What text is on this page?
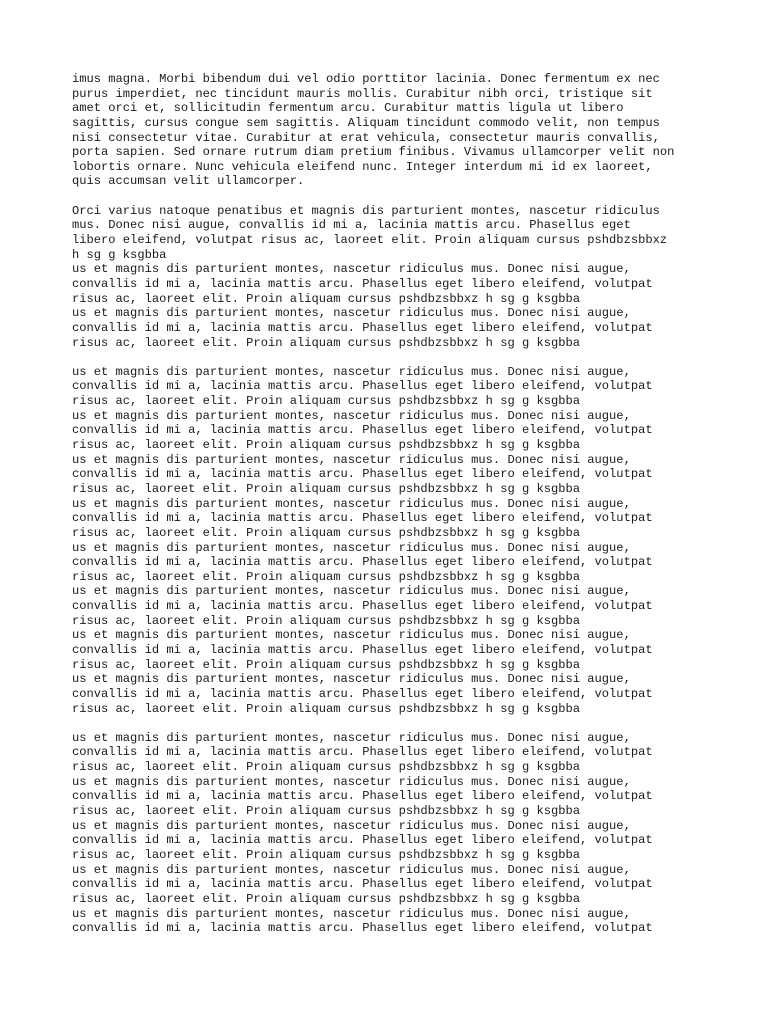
imus magna. Morbi bibendum dui vel odio porttitor lacinia. Donec fermentum ex nec
purus imperdiet, nec tincidunt mauris mollis. Curabitur nibh orci, tristique sit
amet orci et, sollicitudin fermentum arcu. Curabitur mattis ligula ut libero
sagittis, cursus congue sem sagittis. Aliquam tincidunt commodo velit, non tempus
nisi consectetur vitae. Curabitur at erat vehicula, consectetur mauris convallis,
porta sapien. Sed ornare rutrum diam pretium finibus. Vivamus ullamcorper velit non
lobortis ornare. Nunc vehicula eleifend nunc. Integer interdum mi id ex laoreet,
quis accumsan velit ullamcorper.
Orci varius natoque penatibus et magnis dis parturient montes, nascetur ridiculus
mus. Donec nisi augue, convallis id mi a, lacinia mattis arcu. Phasellus eget
libero eleifend, volutpat risus ac, laoreet elit. Proin aliquam cursus pshdbzsbbxz
h sg g ksgbba
us et magnis dis parturient montes, nascetur ridiculus mus. Donec nisi augue,
convallis id mi a, lacinia mattis arcu. Phasellus eget libero eleifend, volutpat
risus ac, laoreet elit. Proin aliquam cursus pshdbzsbbxz h sg g ksgbba
us et magnis dis parturient montes, nascetur ridiculus mus. Donec nisi augue,
convallis id mi a, lacinia mattis arcu. Phasellus eget libero eleifend, volutpat
risus ac, laoreet elit. Proin aliquam cursus pshdbzsbbxz h sg g ksgbba
us et magnis dis parturient montes, nascetur ridiculus mus. Donec nisi augue,
convallis id mi a, lacinia mattis arcu. Phasellus eget libero eleifend, volutpat
risus ac, laoreet elit. Proin aliquam cursus pshdbzsbbxz h sg g ksgbba
us et magnis dis parturient montes, nascetur ridiculus mus. Donec nisi augue,
convallis id mi a, lacinia mattis arcu. Phasellus eget libero eleifend, volutpat
risus ac, laoreet elit. Proin aliquam cursus pshdbzsbbxz h sg g ksgbba
us et magnis dis parturient montes, nascetur ridiculus mus. Donec nisi augue,
convallis id mi a, lacinia mattis arcu. Phasellus eget libero eleifend, volutpat
risus ac, laoreet elit. Proin aliquam cursus pshdbzsbbxz h sg g ksgbba
us et magnis dis parturient montes, nascetur ridiculus mus. Donec nisi augue,
convallis id mi a, lacinia mattis arcu. Phasellus eget libero eleifend, volutpat
risus ac, laoreet elit. Proin aliquam cursus pshdbzsbbxz h sg g ksgbba
us et magnis dis parturient montes, nascetur ridiculus mus. Donec nisi augue,
convallis id mi a, lacinia mattis arcu. Phasellus eget libero eleifend, volutpat
risus ac, laoreet elit. Proin aliquam cursus pshdbzsbbxz h sg g ksgbba
us et magnis dis parturient montes, nascetur ridiculus mus. Donec nisi augue,
convallis id mi a, lacinia mattis arcu. Phasellus eget libero eleifend, volutpat
risus ac, laoreet elit. Proin aliquam cursus pshdbzsbbxz h sg g ksgbba
us et magnis dis parturient montes, nascetur ridiculus mus. Donec nisi augue,
convallis id mi a, lacinia mattis arcu. Phasellus eget libero eleifend, volutpat
risus ac, laoreet elit. Proin aliquam cursus pshdbzsbbxz h sg g ksgbba
us et magnis dis parturient montes, nascetur ridiculus mus. Donec nisi augue,
convallis id mi a, lacinia mattis arcu. Phasellus eget libero eleifend, volutpat
risus ac, laoreet elit. Proin aliquam cursus pshdbzsbbxz h sg g ksgbba
us et magnis dis parturient montes, nascetur ridiculus mus. Donec nisi augue,
convallis id mi a, lacinia mattis arcu. Phasellus eget libero eleifend, volutpat
risus ac, laoreet elit. Proin aliquam cursus pshdbzsbbxz h sg g ksgbba
us et magnis dis parturient montes, nascetur ridiculus mus. Donec nisi augue,
convallis id mi a, lacinia mattis arcu. Phasellus eget libero eleifend, volutpat
risus ac, laoreet elit. Proin aliquam cursus pshdbzsbbxz h sg g ksgbba
us et magnis dis parturient montes, nascetur ridiculus mus. Donec nisi augue,
convallis id mi a, lacinia mattis arcu. Phasellus eget libero eleifend, volutpat
risus ac, laoreet elit. Proin aliquam cursus pshdbzsbbxz h sg g ksgbba
us et magnis dis parturient montes, nascetur ridiculus mus. Donec nisi augue,
convallis id mi a, lacinia mattis arcu. Phasellus eget libero eleifend, volutpat
risus ac, laoreet elit. Proin aliquam cursus pshdbzsbbxz h sg g ksgbba
us et magnis dis parturient montes, nascetur ridiculus mus. Donec nisi augue,
convallis id mi a, lacinia mattis arcu. Phasellus eget libero eleifend, volutpat
